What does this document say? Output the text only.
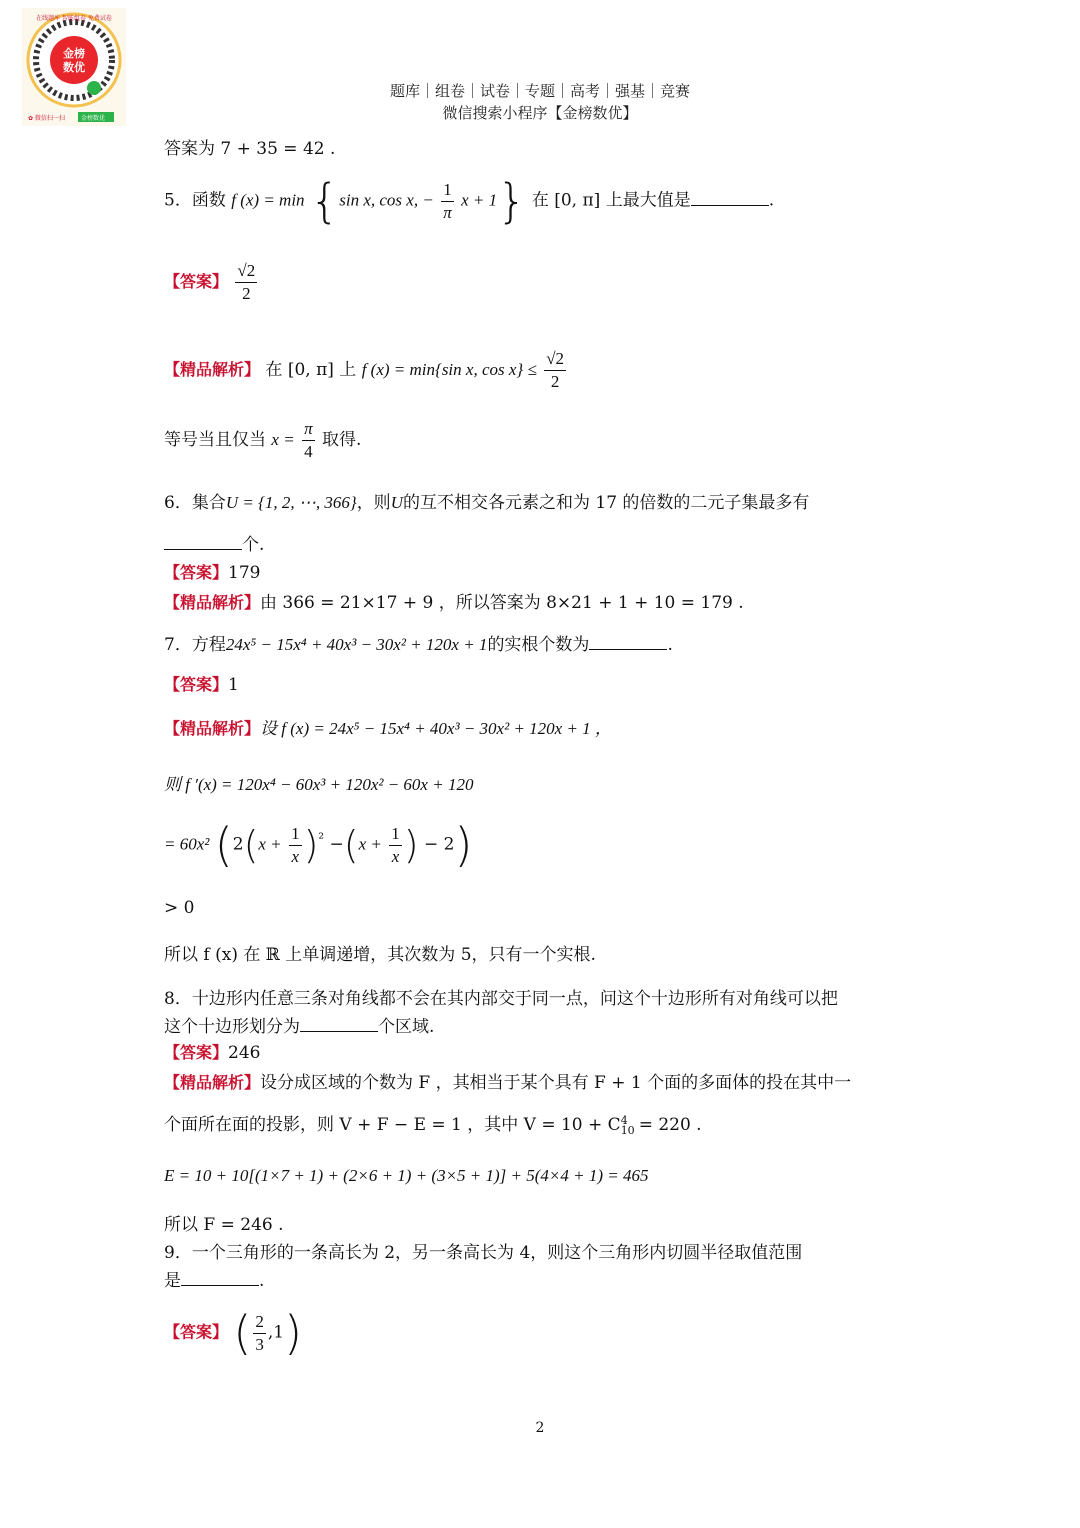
金榜
数优
在线题库 智能组卷 免费试卷
✿ 微信扫一扫	金榜数优
题库｜组卷｜试卷｜专题｜高考｜强基｜竞赛
微信搜索小程序【金榜数优】
答案为 7 + 35 = 42 .
5．函数 f (x) = min {sin x, cos x, − $\frac{1}{\pi}$ x + 1} 在 [0, π] 上最大值是	.
【答案】 $\frac{√2}{2}$
【精品解析】 在 [0, π] 上 f (x) = min{sin x, $\cos x\} \le \frac{√2}{2}$
等号当且仅当 $x = \frac{\pi}{4}$ 取得.
6．集合U = {1, 2, ⋯, 366}，则U的互不相交各元素之和为 17 的倍数的二元子集最多有
个.
【答案】179
【精品解析】由 366 = 21×17 + 9 ，所以答案为 8×21 + 1 + 10 = 179 .
7．方程24x⁵ − 15x⁴ + 40x³ − 30x² + 120x + 1的实根个数为	.
【答案】1
【精品解析】设 f (x) = 24x⁵ − 15x⁴ + 40x³ − 30x² + 120x + 1 ，
则 f ′(x) = 120x⁴ − 60x³ + 120x² − 60x + 120
= 60x² ($2(x + \frac{1}{x} )^{^2} -(x + \frac{1}{x}$ ) − 2)
> 0
所以 f (x) 在 ℝ 上单调递增，其次数为 5，只有一个实根.
8．十边形内任意三条对角线都不会在其内部交于同一点，问这个十边形所有对角线可以把
这个十边形划分为	个区域.
【答案】246
【精品解析】设分成区域的个数为 F ，其相当于某个具有 F + 1 个面的多面体的投在其中一
个面所在面的投影，则 V + F − E = 1 ，其中 V = 10 + C 4
10 = 220 .
E = 10 + 10[(1×7 + 1) + (2×6 + 1) + (3×5 + 1)] + 5(4×4 + 1) = 465
所以 F = 246 .
9．一个三角形的一条高长为 2，另一条高长为 4，则这个三角形内切圆半径取值范围
是	.
【答案】 ( $\frac{2}{3} ,1$)
2
